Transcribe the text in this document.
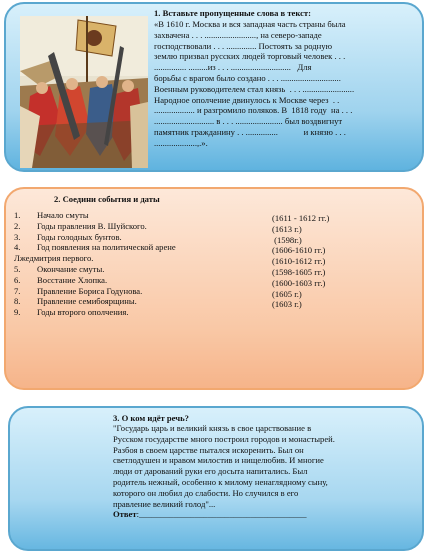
1. Вставьте пропущенные слова в текст:
«В 1610 г. Москва и вся западная часть страны была
захвачена . . . ........................, на северо-западе
господствовали . . . .............. Постоять за родную
землю призвал русских людей торговый человек . . .
............... .........из . . . ............................   Для
борьбы с врагом было создано . . . ............................
Военным руководителем стал князь  . . . ........................
Народное ополчение двинулось к Москве через  . .
................... и разгромило поляков. В  1818 году  на . . .
............................ в . . . ...................... был воздвигнут
памятник гражданину . . ...............            и князю . . .
....................,.».
2. Соедини события и даты
1. Начало смуты
2. Годы правления В. Шуйского.
3. Годы голодных бунтов.
4. Год появления на политической арене
Лжедмитрия первого.
5. Окончание смуты.
6. Восстание Хлопка.
7. Правление Бориса Годунова.
8. Правление семибоярщины.
9. Годы второго ополчения.
(1611 - 1612 гг.)
(1613 г.)
(1598г.)
(1606-1610 гг.)
(1610-1612 гг.)
(1598-1605 гг.)
(1600-1603 гг.)
(1605 г.)
(1603 г.)
3. О ком идёт речь?
"Государь царь и великий князь в свое царствование в
Русском государстве много построил городов и монастырей.
Разбоя в своем царстве пытался искоренить. Был он
светлодушен и нравом милостив и нищелюбив. И многие
люди от дарований руки его досыта напитались. Был
родитель нежный, особенно к милому ненаглядному сыну,
которого он любил до слабости. Но случился в его
правление великий голод"...
Ответ:_______________________________________
